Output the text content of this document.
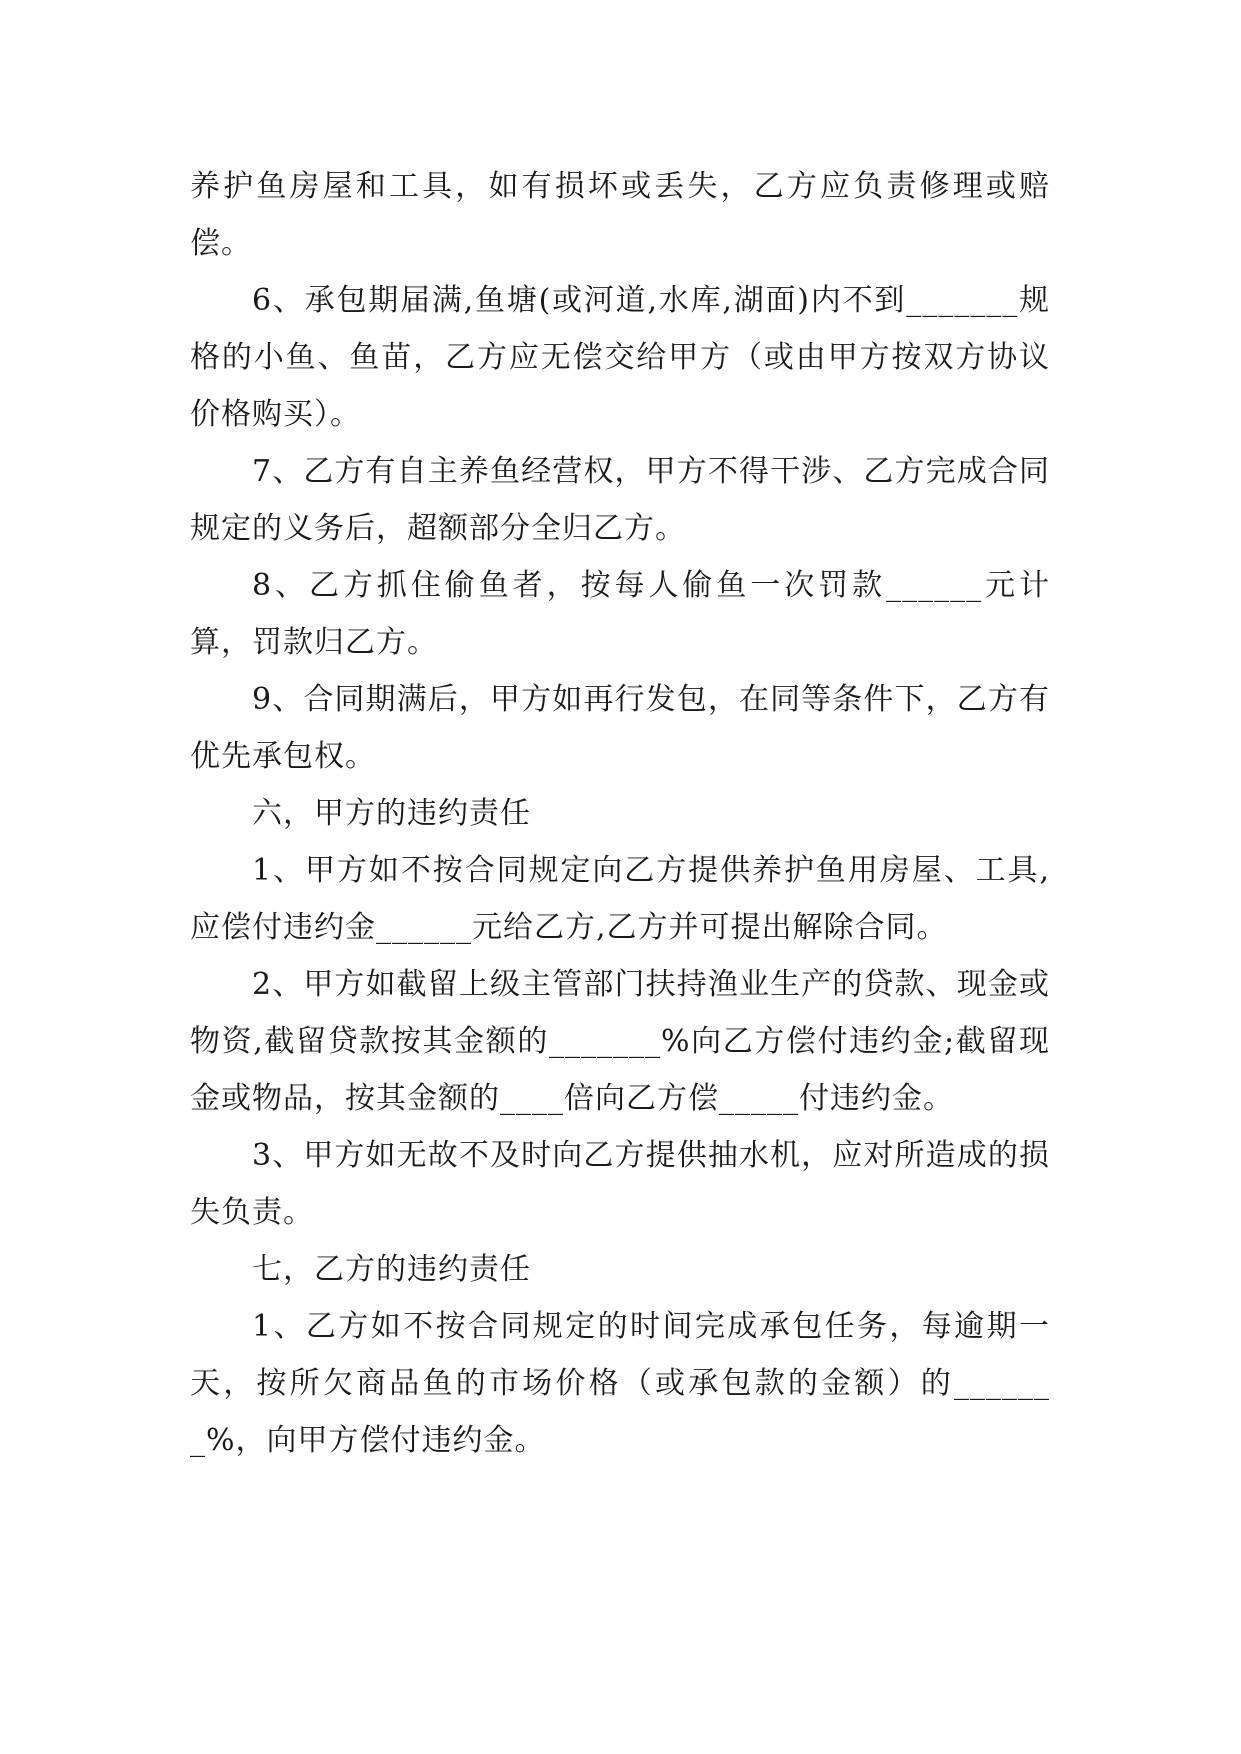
养护鱼房屋和工具，如有损坏或丢失，乙方应负责修理或赔偿。

6、承包期届满,鱼塘(或河道,水库,湖面)内不到_______规格的小鱼、鱼苗，乙方应无偿交给甲方（或由甲方按双方协议价格购买）。

7、乙方有自主养鱼经营权，甲方不得干涉、乙方完成合同规定的义务后，超额部分全归乙方。

8、乙方抓住偷鱼者，按每人偷鱼一次罚款______元计算，罚款归乙方。

9、合同期满后，甲方如再行发包，在同等条件下，乙方有优先承包权。

六，甲方的违约责任

1、甲方如不按合同规定向乙方提供养护鱼用房屋、工具,应偿付违约金______元给乙方,乙方并可提出解除合同。

2、甲方如截留上级主管部门扶持渔业生产的贷款、现金或物资,截留贷款按其金额的_______%向乙方偿付违约金;截留现金或物品，按其金额的____倍向乙方偿_____付违约金。

3、甲方如无故不及时向乙方提供抽水机，应对所造成的损失负责。

七，乙方的违约责任

1、乙方如不按合同规定的时间完成承包任务，每逾期一天，按所欠商品鱼的市场价格（或承包款的金额）的_______%，向甲方偿付违约金。
